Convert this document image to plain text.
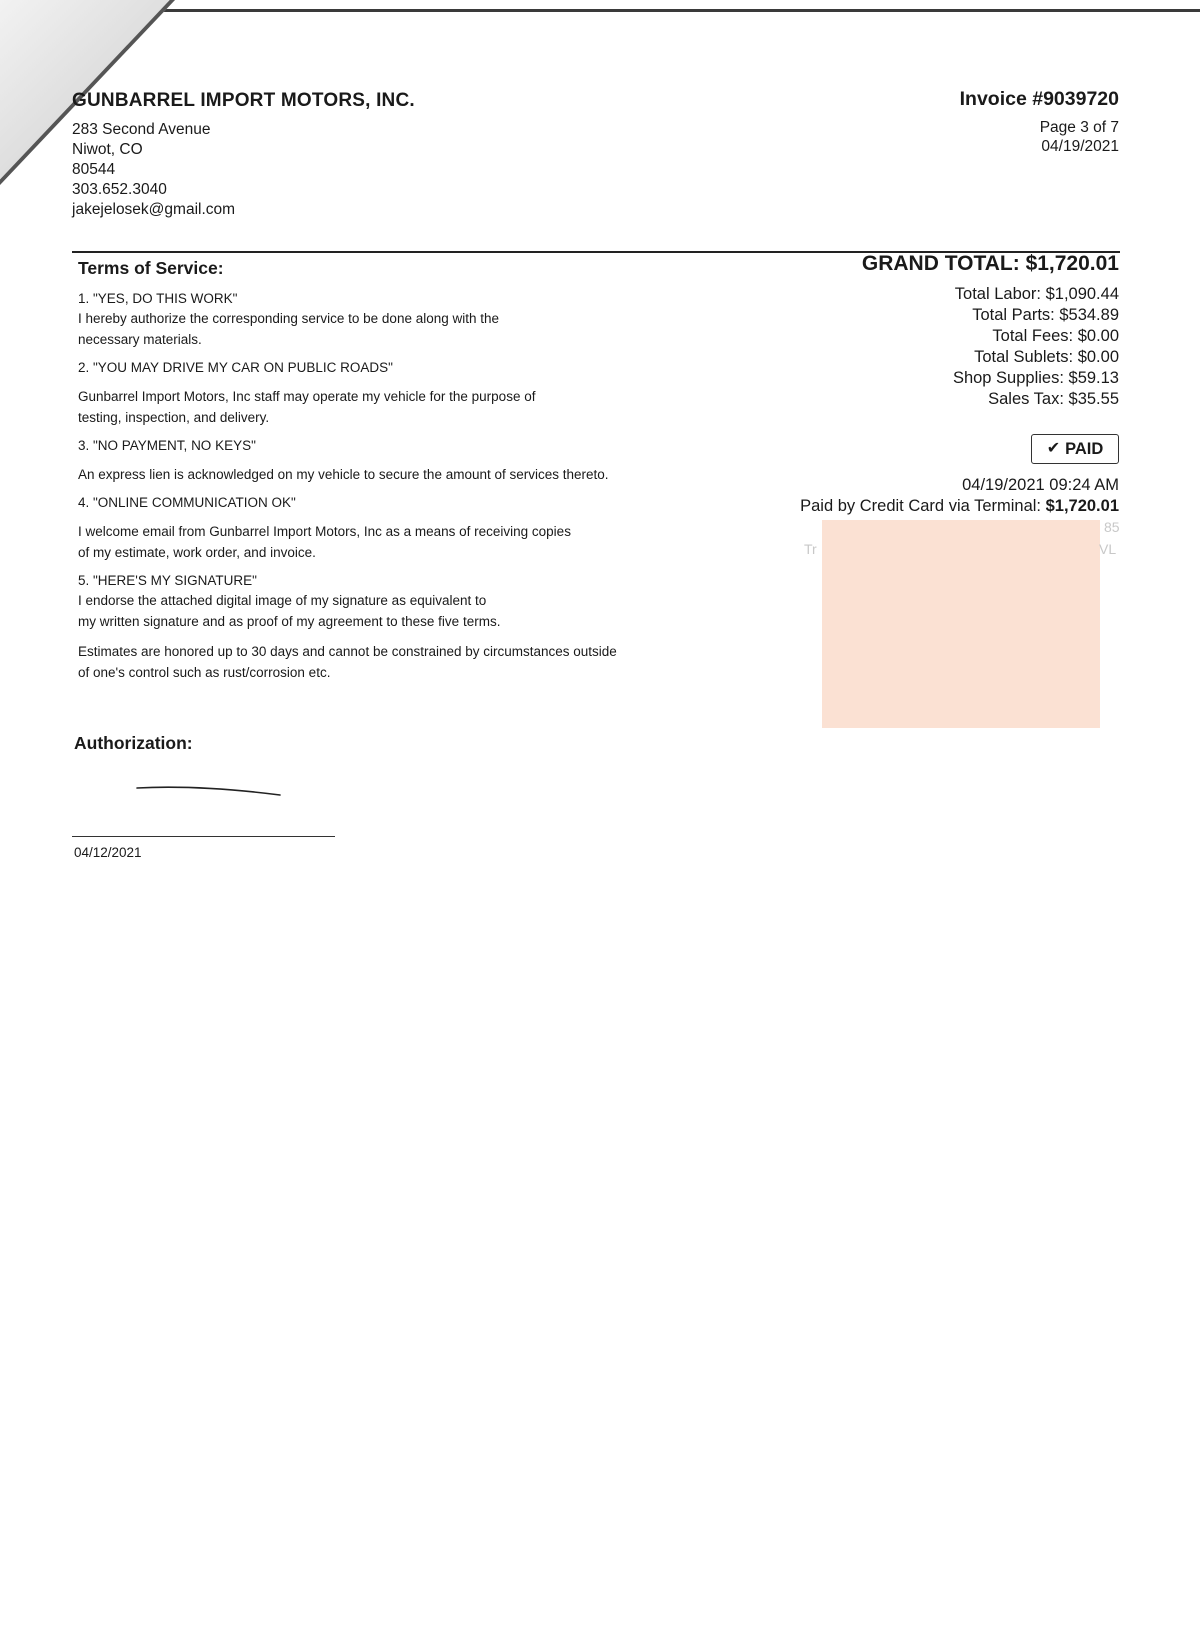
GUNBARREL IMPORT MOTORS, INC.
283 Second Avenue
Niwot, CO
80544
303.652.3040
jakejelosek@gmail.com
Invoice #9039720
Page 3 of 7
04/19/2021
Terms of Service:
1. "YES, DO THIS WORK"
I hereby authorize the corresponding service to be done along with the
necessary materials.
2. "YOU MAY DRIVE MY CAR ON PUBLIC ROADS"
Gunbarrel Import Motors, Inc staff may operate my vehicle for the purpose of
testing, inspection, and delivery.
3. "NO PAYMENT, NO KEYS"
An express lien is acknowledged on my vehicle to secure the amount of services thereto.
4. "ONLINE COMMUNICATION OK"
I welcome email from Gunbarrel Import Motors, Inc as a means of receiving copies
of my estimate, work order, and invoice.
5. "HERE'S MY SIGNATURE"
I endorse the attached digital image of my signature as equivalent to
my written signature and as proof of my agreement to these five terms.
Estimates are honored up to 30 days and cannot be constrained by circumstances outside
of one's control such as rust/corrosion etc.
Authorization:
04/12/2021
GRAND TOTAL: $1,720.01
Total Labor: $1,090.44
Total Parts: $534.89
Total Fees: $0.00
Total Sublets: $0.00
Shop Supplies: $59.13
Sales Tax: $35.55
✔ PAID
04/19/2021 09:24 AM
Paid by Credit Card via Terminal: $1,720.01
Tr
85
VL
